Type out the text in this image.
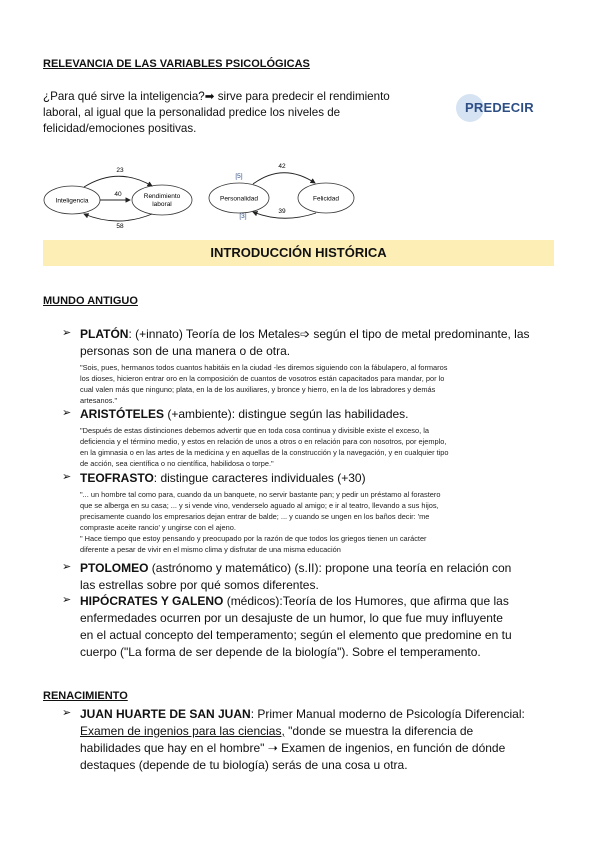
RELEVANCIA DE LAS VARIABLES PSICOLÓGICAS
¿Para qué sirve la inteligencia?➡ sirve para predecir el rendimiento
laboral, al igual que la personalidad predice los niveles de
felicidad/emociones positivas.
PREDECIR
Inteligencia
Rendimiento
laboral
23
40
58
Personalidad	Felicidad
42
39
[5]
[3]
INTRODUCCIÓN HISTÓRICA
MUNDO ANTIGUO
➢ PLATÓN: (+innato) Teoría de los Metales➩ según el tipo de metal predominante, las
personas son de una manera o de otra.
"Sois, pues, hermanos todos cuantos habitáis en la ciudad -les diremos siguiendo con la fábulapero, al formaros
los dioses, hicieron entrar oro en la composición de cuantos de vosotros están capacitados para mandar, por lo
cual valen más que ninguno; plata, en la de los auxiliares, y bronce y hierro, en la de los labradores y demás
artesanos."
➢ ARISTÓTELES (+ambiente): distingue según las habilidades.
"Después de estas distinciones debemos advertir que en toda cosa continua y divisible existe el exceso, la
deficiencia y el término medio, y estos en relación de unos a otros o en relación para con nosotros, por ejemplo,
en la gimnasia o en las artes de la medicina y en aquellas de la construcción y la navegación, y en cualquier tipo
de acción, sea científica o no científica, habilidosa o torpe."
➢ TEOFRASTO: distingue caracteres individuales (+30)
"... un hombre tal como para, cuando da un banquete, no servir bastante pan; y pedir un préstamo al forastero
que se alberga en su casa; ... y si vende vino, venderselo aguado al amigo; e ir al teatro, llevando a sus hijos,
precisamente cuando los empresarios dejan entrar de balde; ... y cuando se ungen en los baños decir: 'me
compraste aceite rancio' y ungirse con el ajeno.
" Hace tiempo que estoy pensando y preocupado por la razón de que todos los griegos tienen un carácter
diferente a pesar de vivir en el mismo clima y disfrutar de una misma educación
➢ PTOLOMEO (astrónomo y matemático) (s.II): propone una teoría en relación con
las estrellas sobre por qué somos diferentes.
➢ HIPÓCRATES Y GALENO (médicos):Teoría de los Humores, que afirma que las
enfermedades ocurren por un desajuste de un humor, lo que fue muy influyente
en el actual concepto del temperamento; según el elemento que predomine en tu
cuerpo ("La forma de ser depende de la biología"). Sobre el temperamento.
RENACIMIENTO
➢ JUAN HUARTE DE SAN JUAN: Primer Manual moderno de Psicología Diferencial:
Examen de ingenios para las ciencias, "donde se muestra la diferencia de
habilidades que hay en el hombre" ➝ Examen de ingenios, en función de dónde
destaques (depende de tu biología) serás de una cosa u otra.
